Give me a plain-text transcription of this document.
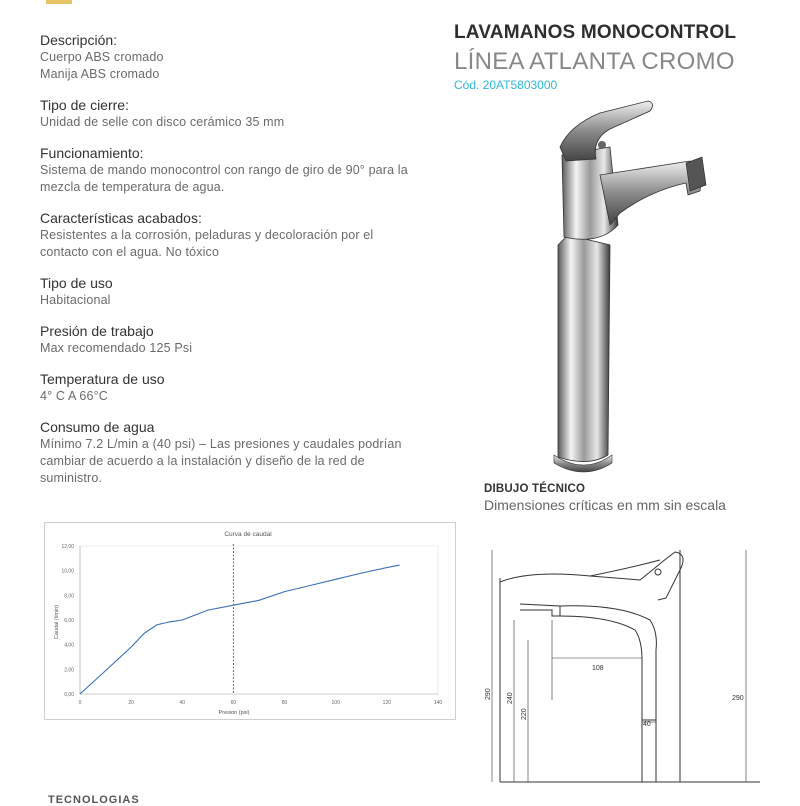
Descripción:

Cuerpo ABS cromado

Manija ABS cromado

Tipo de cierre:

Unidad de selle con disco cerámico 35 mm

Funcionamiento:

Sistema de mando monocontrol con rango de giro de 90° para la

mezcla de temperatura de agua.

Características acabados:

Resistentes a la corrosión, peladuras y decoloración por el

contacto con el agua. No tóxico

Tipo de uso

Habitacional

Presión de trabajo

Max recomendado 125 Psi

Temperatura de uso

4° C A 66°C

Consumo de agua

Mínimo 7.2 L/min a (40 psi) – Las presiones y caudales podrían

cambiar de acuerdo a la instalación y diseño de la red de

suministro.

LAVAMANOS MONOCONTROL
LÍNEA ATLANTA CROMO
Cód. 20AT5803000
DIBUJO TÉCNICO
Dimensiones críticas en mm sin escala
108
290 240
220
40
290
Curva de caudal
Presion (psi)
Caudal (l/min)
0	20	40	60	80	100	120	140
0,00
2,00
4,00
6,00
8,00
10,00
12,00
TECNOLOGIAS
